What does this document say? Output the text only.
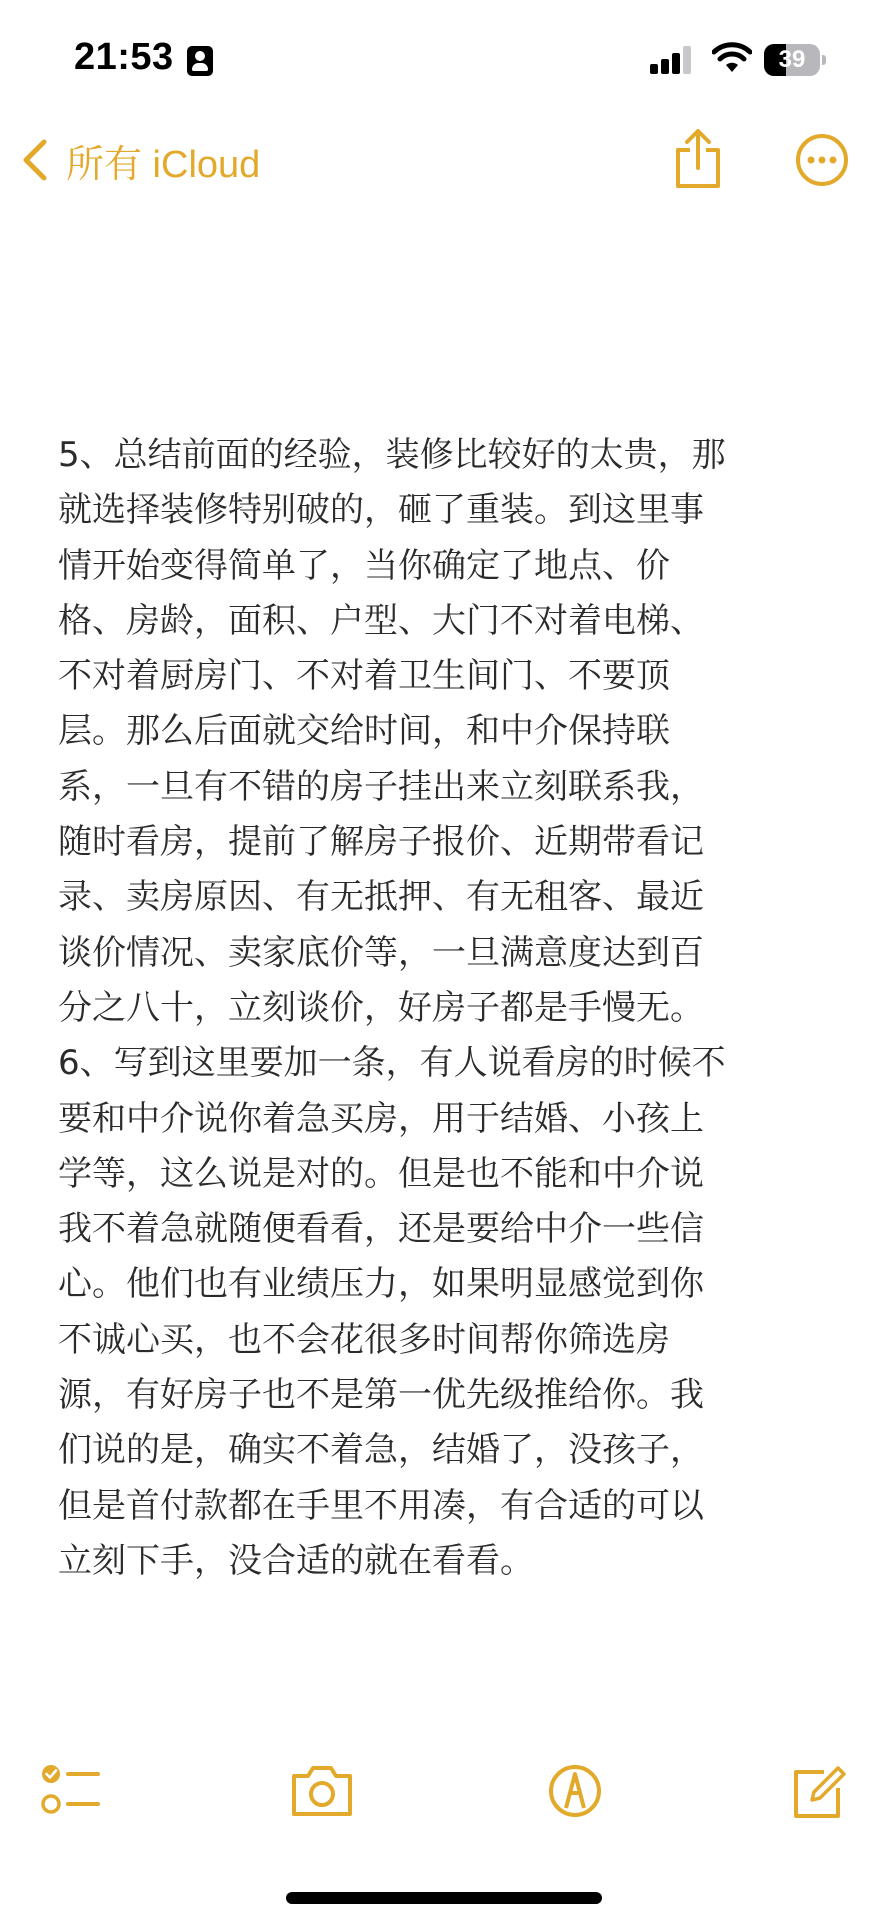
21:53	39
所有 iCloud
5、总结前面的经验，装修比较好的太贵，那
就选择装修特别破的，砸了重装。到这里事
情开始变得简单了，当你确定了地点、价
格、房龄，面积、户型、大门不对着电梯、
不对着厨房门、不对着卫生间门、不要顶
层。那么后面就交给时间，和中介保持联
系，一旦有不错的房子挂出来立刻联系我，
随时看房，提前了解房子报价、近期带看记
录、卖房原因、有无抵押、有无租客、最近
谈价情况、卖家底价等，一旦满意度达到百
分之八十，立刻谈价，好房子都是手慢无。
6、写到这里要加一条，有人说看房的时候不
要和中介说你着急买房，用于结婚、小孩上
学等，这么说是对的。但是也不能和中介说
我不着急就随便看看，还是要给中介一些信
心。他们也有业绩压力，如果明显感觉到你
不诚心买，也不会花很多时间帮你筛选房
源，有好房子也不是第一优先级推给你。我
们说的是，确实不着急，结婚了，没孩子，
但是首付款都在手里不用凑，有合适的可以
立刻下手，没合适的就在看看。
